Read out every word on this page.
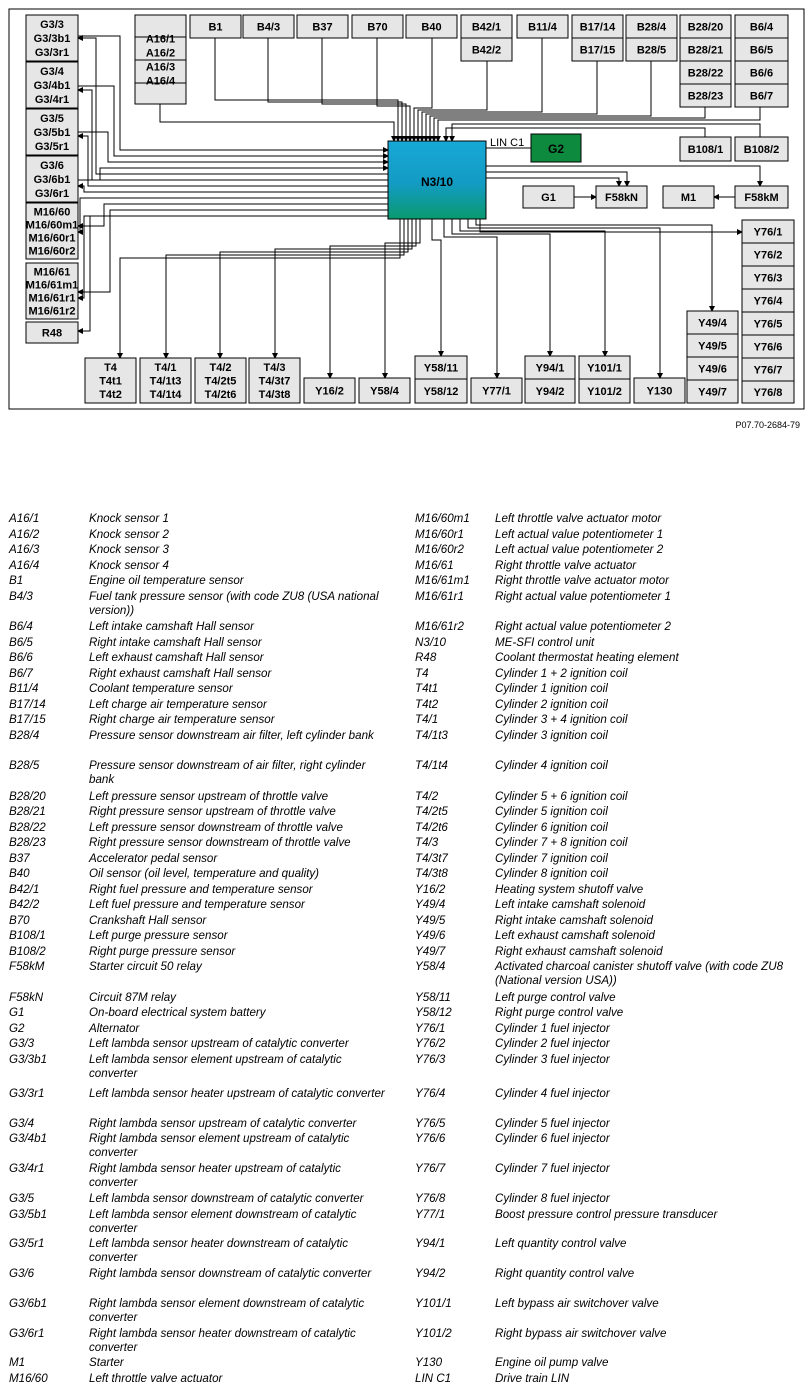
G3/3
G3/3b1
G3/3r1
G3/4
G3/4b1
G3/4r1
G3/5
G3/5b1
G3/5r1
G3/6
G3/6b1
G3/6r1
M16/60
M16/60m1
M16/60r1
M16/60r2
M16/61
M16/61m1
M16/61r1
M16/61r2
R48
A16/1
A16/2
A16/3
A16/4
B1	B4/3	B37	B70	B40	B42/1
B42/2
B11/4 B17/14
B17/15
B28/4
B28/5
B28/20
B28/21
B28/22
B28/23
B6/4
B6/5
B6/6
B6/7
B108/1 B108/2
T4
T4t1
T4t2
T4/1
T4/1t3
T4/1t4
T4/2
T4/2t5
T4/2t6
T4/3
T4/3t7
T4/3t8 Y16/2 Y58/4
Y58/11
Y58/12 Y77/1
Y94/1
Y94/2
Y101/1
Y101/2 Y130
Y49/4
Y49/5
Y49/6
Y49/7
Y76/1
Y76/2
Y76/3
Y76/4
Y76/5
Y76/6
Y76/7
Y76/8
G1	F58kN	M1	F58kM
N3/10
G2
LIN C1
P07.70-2684-79
A16/1	Knock sensor 1
A16/2	Knock sensor 2
A16/3	Knock sensor 3
A16/4	Knock sensor 4
B1	Engine oil temperature sensor
B4/3	Fuel tank pressure sensor (with code ZU8 (USA national version))
B6/4	Left intake camshaft Hall sensor
B6/5	Right intake camshaft Hall sensor
B6/6	Left exhaust camshaft Hall sensor
B6/7	Right exhaust camshaft Hall sensor
B11/4	Coolant temperature sensor
B17/14	Left charge air temperature sensor
B17/15	Right charge air temperature sensor
B28/4	Pressure sensor downstream air filter, left cylinder bank
B28/5	Pressure sensor downstream of air filter, right cylinder bank
B28/20	Left pressure sensor upstream of throttle valve
B28/21	Right pressure sensor upstream of throttle valve
B28/22	Left pressure sensor downstream of throttle valve
B28/23	Right pressure sensor downstream of throttle valve
B37	Accelerator pedal sensor
B40	Oil sensor (oil level, temperature and quality)
B42/1	Right fuel pressure and temperature sensor
B42/2	Left fuel pressure and temperature sensor
B70	Crankshaft Hall sensor
B108/1	Left purge pressure sensor
B108/2	Right purge pressure sensor
F58kM	Starter circuit 50 relay
F58kN	Circuit 87M relay
G1	On-board electrical system battery
G2	Alternator
G3/3	Left lambda sensor upstream of catalytic converter
G3/3b1	Left lambda sensor element upstream of catalytic converter
G3/3r1	Left lambda sensor heater upstream of catalytic converter
G3/4	Right lambda sensor upstream of catalytic converter
G3/4b1	Right lambda sensor element upstream of catalytic converter
G3/4r1	Right lambda sensor heater upstream of catalytic converter
G3/5	Left lambda sensor downstream of catalytic converter
G3/5b1	Left lambda sensor element downstream of catalytic converter
G3/5r1	Left lambda sensor heater downstream of catalytic converter
G3/6	Right lambda sensor downstream of catalytic converter
G3/6b1	Right lambda sensor element downstream of catalytic converter
G3/6r1	Right lambda sensor heater downstream of catalytic converter
M1	Starter
M16/60	Left throttle valve actuator
M16/60m1	Left throttle valve actuator motor
M16/60r1	Left actual value potentiometer 1
M16/60r2	Left actual value potentiometer 2
M16/61	Right throttle valve actuator
M16/61m1	Right throttle valve actuator motor
M16/61r1	Right actual value potentiometer 1
M16/61r2	Right actual value potentiometer 2
N3/10	ME-SFI control unit
R48	Coolant thermostat heating element
T4	Cylinder 1 + 2 ignition coil
T4t1	Cylinder 1 ignition coil
T4t2	Cylinder 2 ignition coil
T4/1	Cylinder 3 + 4 ignition coil
T4/1t3	Cylinder 3 ignition coil
T4/1t4	Cylinder 4 ignition coil
T4/2	Cylinder 5 + 6 ignition coil
T4/2t5	Cylinder 5 ignition coil
T4/2t6	Cylinder 6 ignition coil
T4/3	Cylinder 7 + 8 ignition coil
T4/3t7	Cylinder 7 ignition coil
T4/3t8	Cylinder 8 ignition coil
Y16/2	Heating system shutoff valve
Y49/4	Left intake camshaft solenoid
Y49/5	Right intake camshaft solenoid
Y49/6	Left exhaust camshaft solenoid
Y49/7	Right exhaust camshaft solenoid
Y58/4	Activated charcoal canister shutoff valve (with code ZU8 (National version USA))
Y58/11	Left purge control valve
Y58/12	Right purge control valve
Y76/1	Cylinder 1 fuel injector
Y76/2	Cylinder 2 fuel injector
Y76/3	Cylinder 3 fuel injector
Y76/4	Cylinder 4 fuel injector
Y76/5	Cylinder 5 fuel injector
Y76/6	Cylinder 6 fuel injector
Y76/7	Cylinder 7 fuel injector
Y76/8	Cylinder 8 fuel injector
Y77/1	Boost pressure control pressure transducer
Y94/1	Left quantity control valve
Y94/2	Right quantity control valve
Y101/1	Left bypass air switchover valve
Y101/2	Right bypass air switchover valve
Y130	Engine oil pump valve
LIN C1	Drive train LIN
